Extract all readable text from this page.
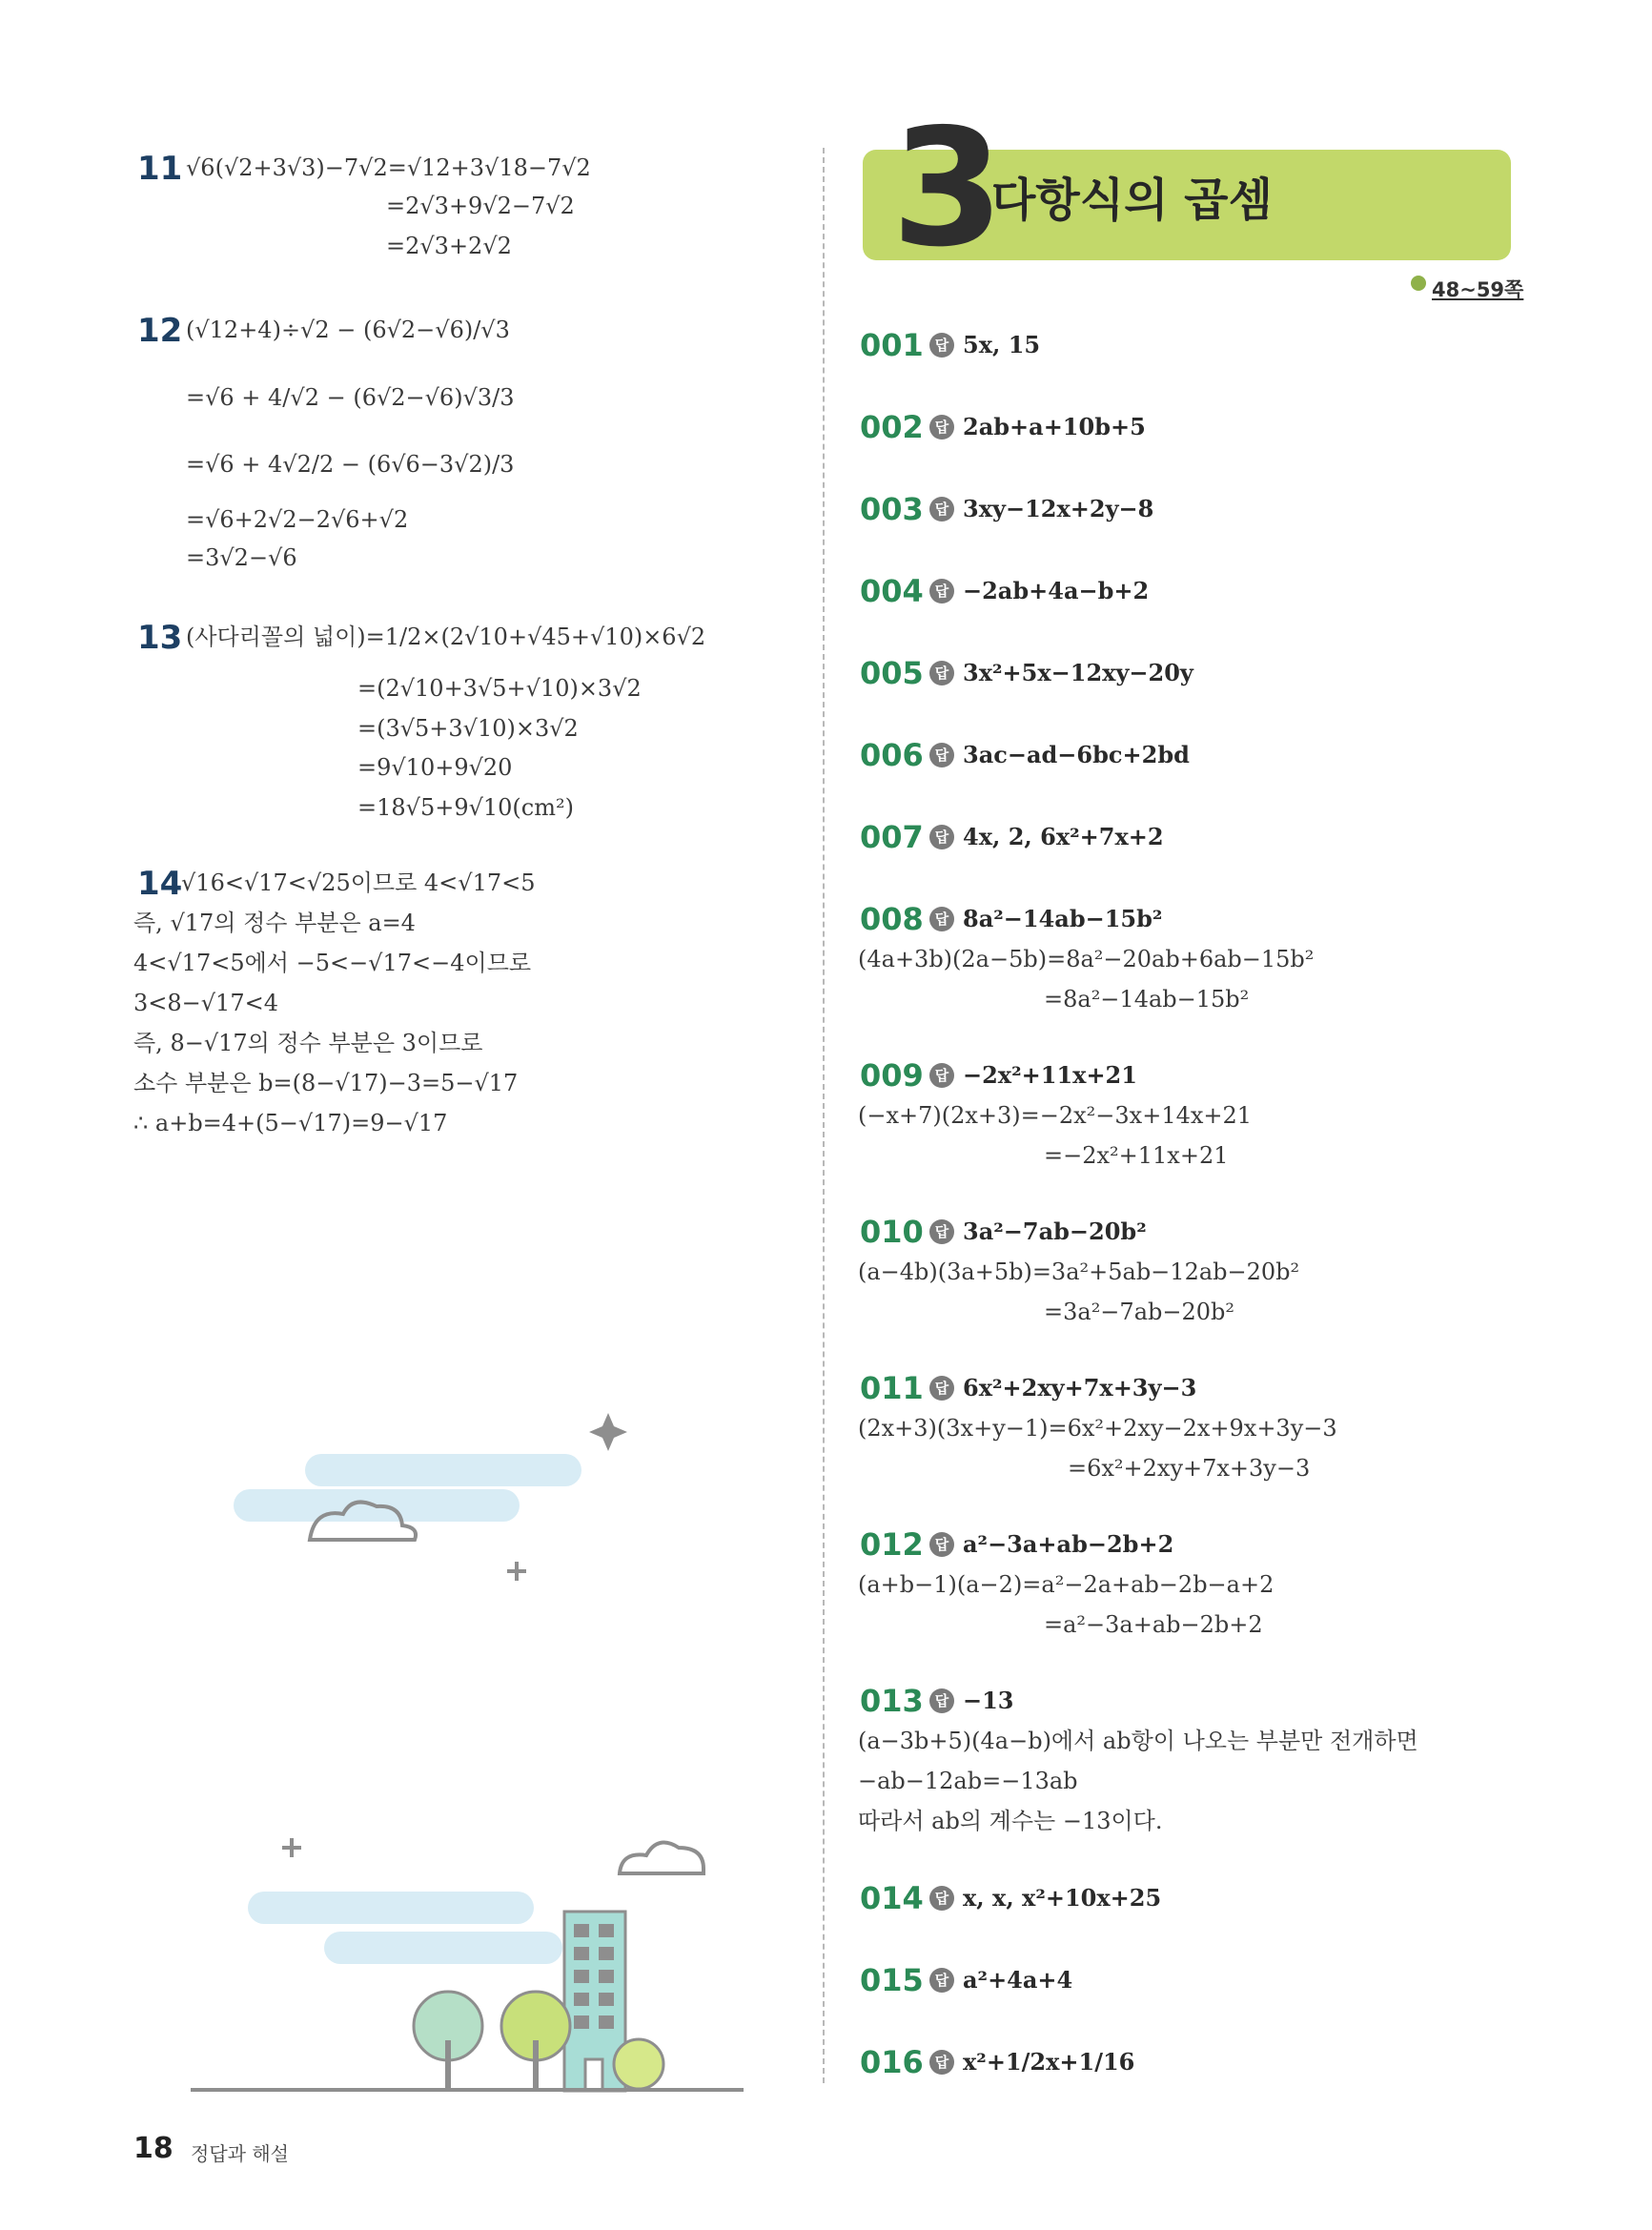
11 √6(√2+3√3)−7√2=√12+3√18−7√2
=2√3+9√2−7√2
=2√3+2√2
12 (√12+4)÷√2 − (6√2−√6)/√3
=√6 + 4/√2 − (6√2−√6)√3/3
=√6 + 4√2/2 − (6√6−3√2)/3
=√6+2√2−2√6+√2
=3√2−√6
13 (사다리꼴의 넓이)=1/2×(2√10+√45+√10)×6√2
=(2√10+3√5+√10)×3√2
=(3√5+3√10)×3√2
=9√10+9√20
=18√5+9√10(cm²)
14
√16<√17<√25이므로 4<√17<5
즉, √17의 정수 부분은 a=4
4<√17<5에서 −5<−√17<−4이므로
3<8−√17<4
즉, 8−√17의 정수 부분은 3이므로
소수 부분은 b=(8−√17)−3=5−√17
∴ a+b=4+(5−√17)=9−√17
3
다항식의 곱셈
48~59쪽
001 답 5x, 15
002 답 2ab+a+10b+5
003 답 3xy−12x+2y−8
004 답 −2ab+4a−b+2
005 답 3x²+5x−12xy−20y
006 답 3ac−ad−6bc+2bd
007 답 4x, 2, 6x²+7x+2
008 답 8a²−14ab−15b²
(4a+3b)(2a−5b)=8a²−20ab+6ab−15b²
=8a²−14ab−15b²
009 답 −2x²+11x+21
(−x+7)(2x+3)=−2x²−3x+14x+21
=−2x²+11x+21
010 답 3a²−7ab−20b²
(a−4b)(3a+5b)=3a²+5ab−12ab−20b²
=3a²−7ab−20b²
011 답 6x²+2xy+7x+3y−3
(2x+3)(3x+y−1)=6x²+2xy−2x+9x+3y−3
=6x²+2xy+7x+3y−3
012 답 a²−3a+ab−2b+2
(a+b−1)(a−2)=a²−2a+ab−2b−a+2
=a²−3a+ab−2b+2
013 답 −13
(a−3b+5)(4a−b)에서 ab항이 나오는 부분만 전개하면
−ab−12ab=−13ab
따라서 ab의 계수는 −13이다.
014 답 x, x, x²+10x+25
015 답 a²+4a+4
016 답 x²+1/2x+1/16
18 정답과 해설
